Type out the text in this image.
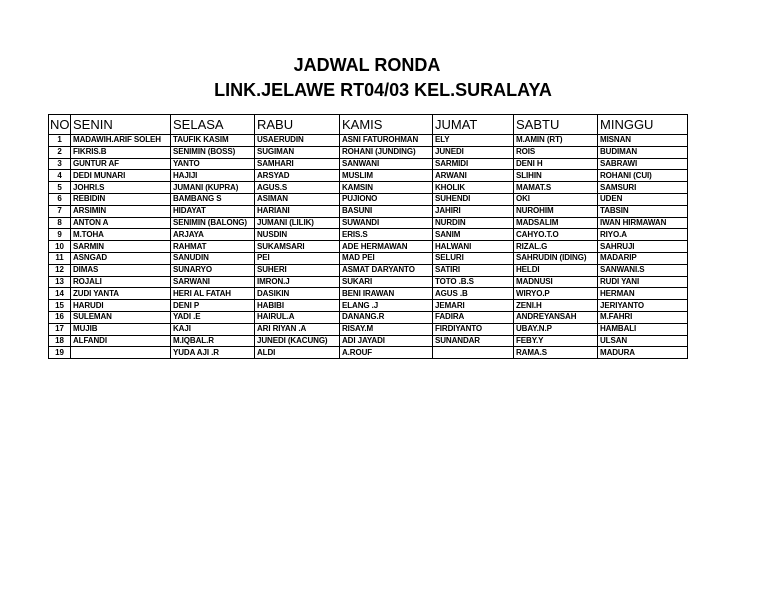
JADWAL RONDA
LINK.JELAWE RT04/03 KEL.SURALAYA
NO	SENIN	SELASA	RABU	KAMIS	JUMAT	SABTU	MINGGU
1	MADAWIH.ARIF SOLEH	TAUFIK KASIM	USAERUDIN	ASNI FATUROHMAN	ELY	M.AMIN (RT)	MISNAN
2	FIKRIS.B	SENIMIN (BOSS)	SUGIMAN	ROHANI (JUNDING)	JUNEDI	ROIS	BUDIMAN
3	GUNTUR AF	YANTO	SAMHARI	SANWANI	SARMIDI	DENI H	SABRAWI
4	DEDI MUNARI	HAJIJI	ARSYAD	MUSLIM	ARWANI	SLIHIN	ROHANI (CUI)
5	JOHRI.S	JUMANI (KUPRA)	AGUS.S	KAMSIN	KHOLIK	MAMAT.S	SAMSURI
6	REBIDIN	BAMBANG S	ASIMAN	PUJIONO	SUHENDI	OKI	UDEN
7	ARSIMIN	HIDAYAT	HARIANI	BASUNI	JAHIRI	NUROHIM	TABSIN
8	ANTON A	SENIMIN (BALONG)	JUMANI (LILIK)	SUWANDI	NURDIN	MADSALIM	IWAN HIRMAWAN
9	M.TOHA	ARJAYA	NUSDIN	ERIS.S	SANIM	CAHYO.T.O	RIYO.A
10	SARMIN	RAHMAT	SUKAMSARI	ADE HERMAWAN	HALWANI	RIZAL.G	SAHRUJI
11	ASNGAD	SANUDIN	PEI	MAD PEI	SELURI	SAHRUDIN (IDING)	MADARIP
12	DIMAS	SUNARYO	SUHERI	ASMAT DARYANTO	SATIRI	HELDI	SANWANI.S
13	ROJALI	SARWANI	IMRON.J	SUKARI	TOTO .B.S	MADNUSI	RUDI YANI
14	ZUDI YANTA	HERI AL FATAH	DASIKIN	BENI IRAWAN	AGUS .B	WIRYO.P	HERMAN
15	HARUDI	DENI P	HABIBI	ELANG .J	JEMARI	ZENI.H	JERIYANTO
16	SULEMAN	YADI .E	HAIRUL.A	DANANG.R	FADIRA	ANDREYANSAH	M.FAHRI
17	MUJIB	KAJI	ARI RIYAN .A	RISAY.M	FIRDIYANTO	UBAY.N.P	HAMBALI
18	ALFANDI	M.IQBAL.R	JUNEDI (KACUNG)	ADI JAYADI	SUNANDAR	FEBY.Y	ULSAN
19		YUDA AJI .R	ALDI	A.ROUF		RAMA.S	MADURA
